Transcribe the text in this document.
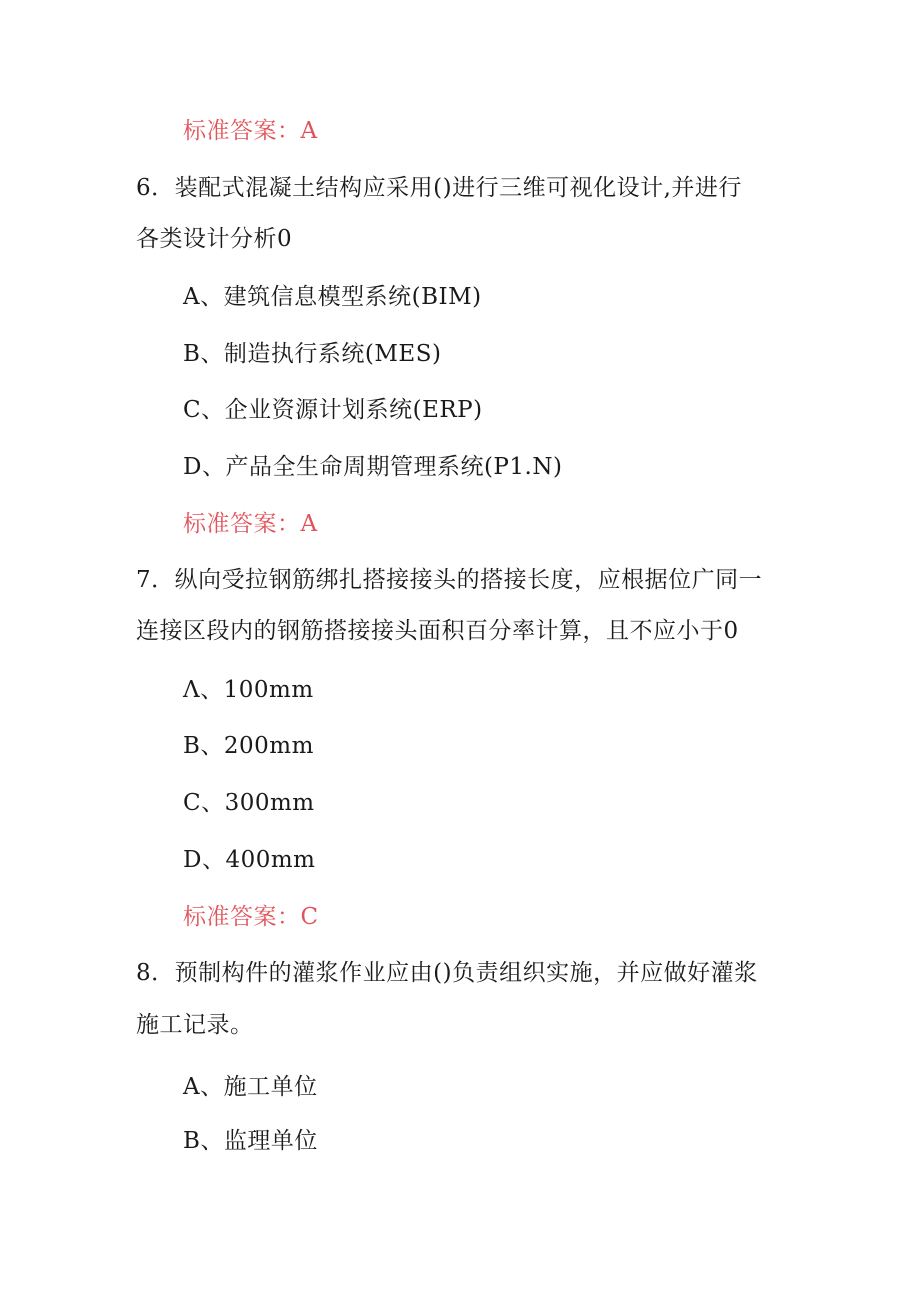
标准答案：A
6．装配式混凝土结构应采用()进行三维可视化设计,并进行
各类设计分析0
A、建筑信息模型系统(BIM)
B、制造执行系统(MES)
C、企业资源计划系统(ERP)
D、产品全生命周期管理系统(P1.N)
标准答案：A
7．纵向受拉钢筋绑扎搭接接头的搭接长度，应根据位广同一
连接区段内的钢筋搭接接头面积百分率计算，且不应小于0
Λ、100mm
B、200mm
C、300mm
D、400mm
标准答案：C
8．预制构件的灌浆作业应由()负责组织实施，并应做好灌浆
施工记录。
A、施工单位
B、监理单位
